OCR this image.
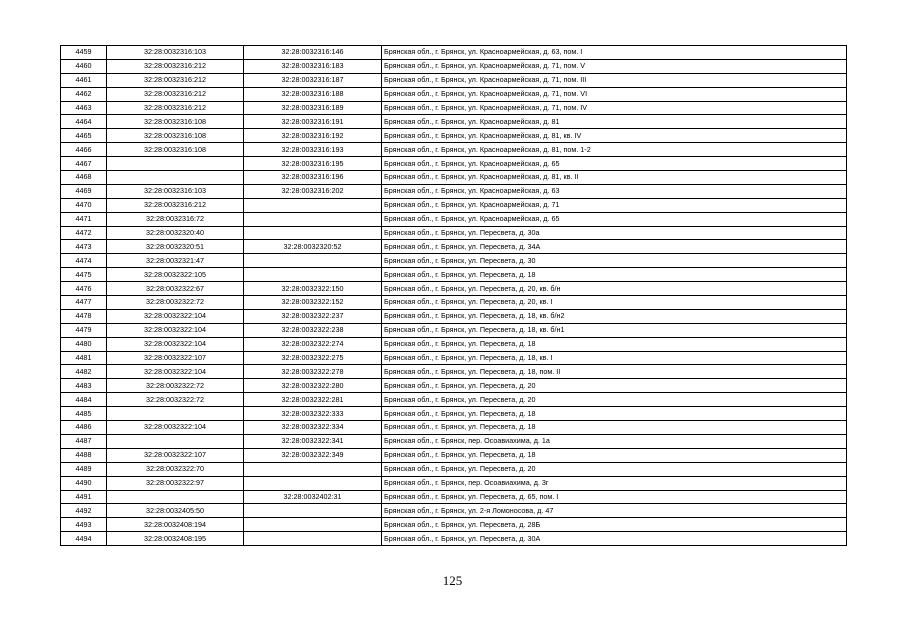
4459	32:28:0032316:103	32:28:0032316:146	Брянская обл., г. Брянск, ул. Красноармейская, д. 63, пом. I
4460	32:28:0032316:212	32:28:0032316:183	Брянская обл., г. Брянск, ул. Красноармейская, д. 71, пом. V
4461	32:28:0032316:212	32:28:0032316:187	Брянская обл., г. Брянск, ул. Красноармейская, д. 71, пом. III
4462	32:28:0032316:212	32:28:0032316:188	Брянская обл., г. Брянск, ул. Красноармейская, д. 71, пом. VI
4463	32:28:0032316:212	32:28:0032316:189	Брянская обл., г. Брянск, ул. Красноармейская, д. 71, пом. IV
4464	32:28:0032316:108	32:28:0032316:191	Брянская обл., г. Брянск, ул. Красноармейская, д. 81
4465	32:28:0032316:108	32:28:0032316:192	Брянская обл., г. Брянск, ул. Красноармейская, д. 81, кв. IV
4466	32:28:0032316:108	32:28:0032316:193	Брянская обл., г. Брянск, ул. Красноармейская, д. 81, пом. 1-2
4467		32:28:0032316:195	Брянская обл., г. Брянск, ул. Красноармейская, д. 65
4468		32:28:0032316:196	Брянская обл., г. Брянск, ул. Красноармейская, д. 81, кв. II
4469	32:28:0032316:103	32:28:0032316:202	Брянская обл., г. Брянск, ул. Красноармейская, д. 63
4470	32:28:0032316:212		Брянская обл., г. Брянск, ул. Красноармейская, д. 71
4471	32:28:0032316:72		Брянская обл., г. Брянск, ул. Красноармейская, д. 65
4472	32:28:0032320:40		Брянская обл., г. Брянск, ул. Пересвета, д. 30а
4473	32:28:0032320:51	32:28:0032320:52	Брянская обл., г. Брянск, ул. Пересвета, д. 34А
4474	32:28:0032321:47		Брянская обл., г. Брянск, ул. Пересвета, д. 30
4475	32:28:0032322:105		Брянская обл., г. Брянск, ул. Пересвета, д. 18
4476	32:28:0032322:67	32:28:0032322:150	Брянская обл., г. Брянск, ул. Пересвета, д. 20, кв. б/н
4477	32:28:0032322:72	32:28:0032322:152	Брянская обл., г. Брянск, ул. Пересвета, д. 20, кв. I
4478	32:28:0032322:104	32:28:0032322:237	Брянская обл., г. Брянск, ул. Пересвета, д. 18, кв. б/н2
4479	32:28:0032322:104	32:28:0032322:238	Брянская обл., г. Брянск, ул. Пересвета, д. 18, кв. б/н1
4480	32:28:0032322:104	32:28:0032322:274	Брянская обл., г. Брянск, ул. Пересвета, д. 18
4481	32:28:0032322:107	32:28:0032322:275	Брянская обл., г. Брянск, ул. Пересвета, д. 18, кв. I
4482	32:28:0032322:104	32:28:0032322:278	Брянская обл., г. Брянск, ул. Пересвета, д. 18, пом. II
4483	32:28:0032322:72	32:28:0032322:280	Брянская обл., г. Брянск, ул. Пересвета, д. 20
4484	32:28:0032322:72	32:28:0032322:281	Брянская обл., г. Брянск, ул. Пересвета, д. 20
4485		32:28:0032322:333	Брянская обл., г. Брянск, ул. Пересвета, д. 18
4486	32:28:0032322:104	32:28:0032322:334	Брянская обл., г. Брянск, ул. Пересвета, д. 18
4487		32:28:0032322:341	Брянская обл., г. Брянск, пер. Осоавиахима, д. 1а
4488	32:28:0032322:107	32:28:0032322:349	Брянская обл., г. Брянск, ул. Пересвета, д. 18
4489	32:28:0032322:70		Брянская обл., г. Брянск, ул. Пересвета, д. 20
4490	32:28:0032322:97		Брянская обл., г. Брянск, пер. Осоавиахима, д. 3г
4491		32:28:0032402:31	Брянская обл., г. Брянск, ул. Пересвета, д. 65, пом. I
4492	32:28:0032405:50		Брянская обл., г. Брянск, ул. 2-я Ломоносова, д. 47
4493	32:28:0032408:194		Брянская обл., г. Брянск, ул. Пересвета, д. 28Б
4494	32:28:0032408:195		Брянская обл., г. Брянск, ул. Пересвета, д. 30А
125
